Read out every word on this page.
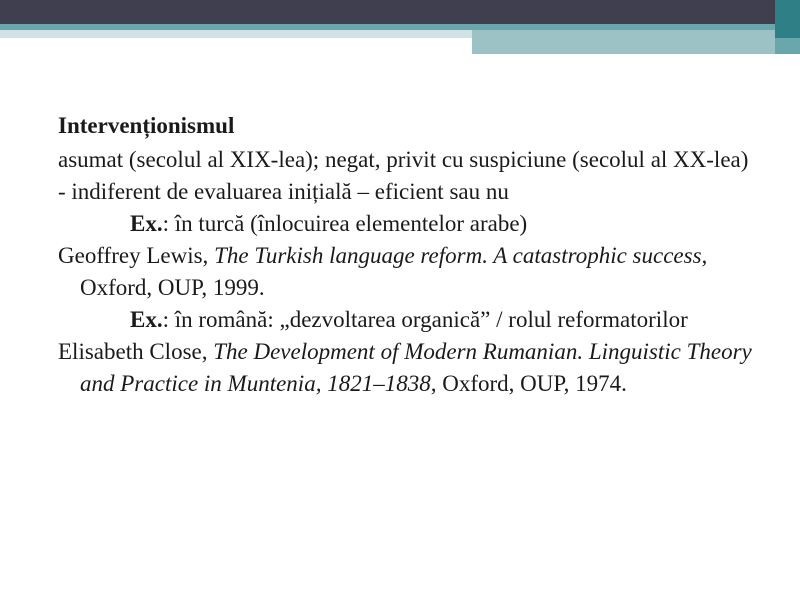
Intervenționismul

asumat (secolul al XIX-lea); negat, privit cu suspiciune (secolul al XX-lea)

- indiferent de evaluarea inițială – eficient sau nu

Ex.: în turcă (înlocuirea elementelor arabe)

Geoffrey Lewis, The Turkish language reform. A catastrophic success, Oxford, OUP, 1999.

Ex.: în română: „dezvoltarea organică” / rolul reformatorilor

Elisabeth Close, The Development of Modern Rumanian. Linguistic Theory and Practice in Muntenia, 1821–1838, Oxford, OUP, 1974.
